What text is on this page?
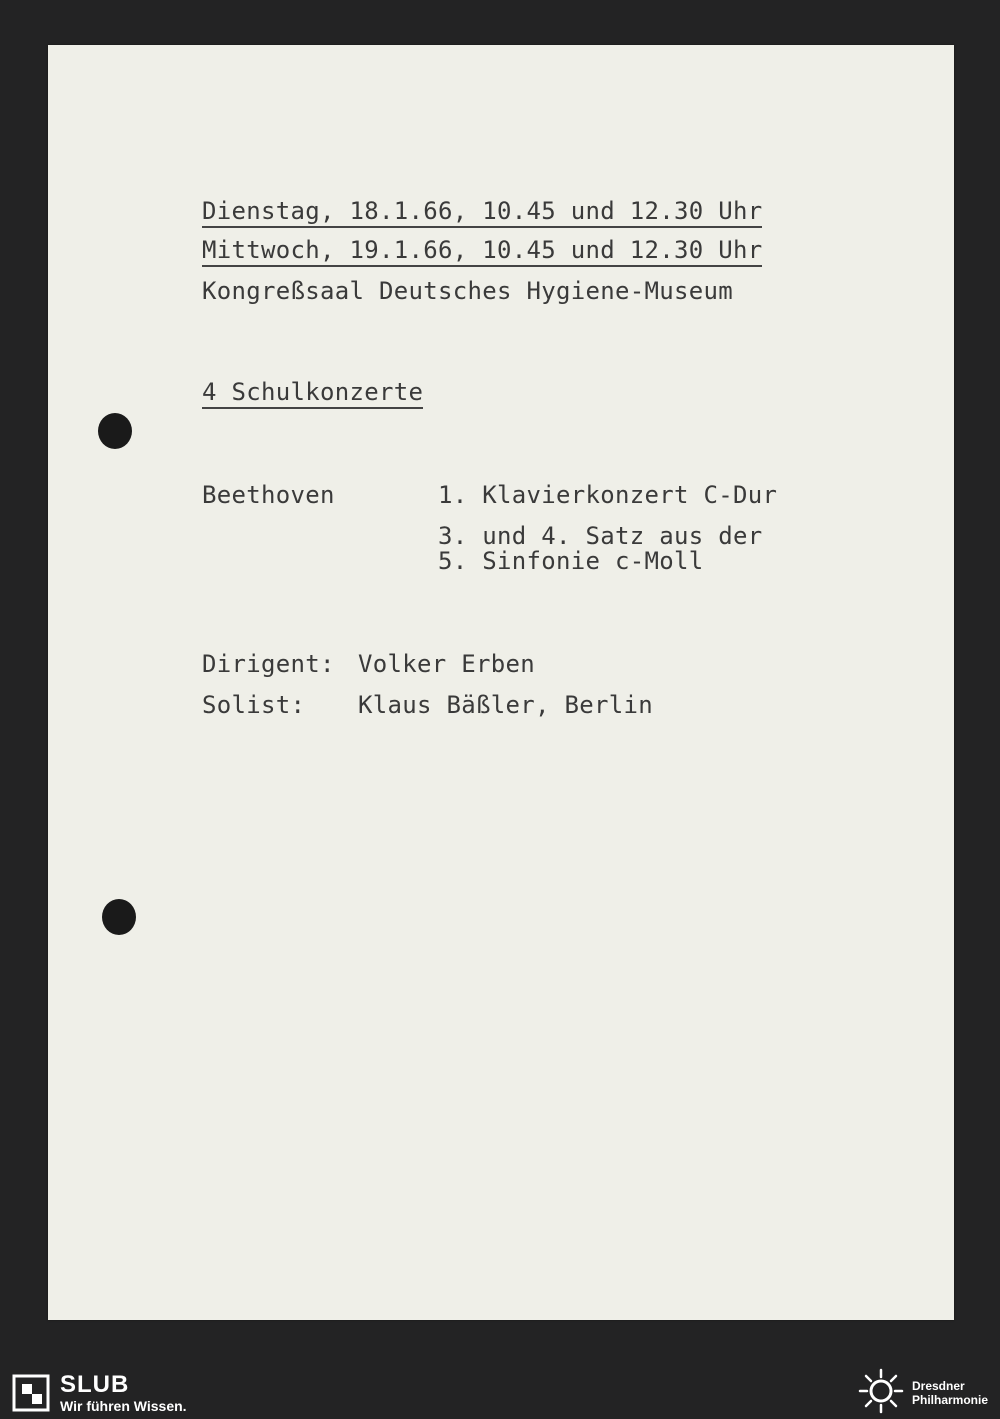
Dienstag, 18.1.66, 10.45 und 12.30 Uhr
Mittwoch, 19.1.66, 10.45 und 12.30 Uhr
Kongreßsaal Deutsches Hygiene-Museum
4 Schulkonzerte
Beethoven	1. Klavierkonzert C-Dur
3. und 4. Satz aus der
5. Sinfonie c-Moll
Dirigent: Volker Erben
Solist: Klaus Bäßler, Berlin
SLUB
Wir führen Wissen.
Dresdner
Philharmonie
